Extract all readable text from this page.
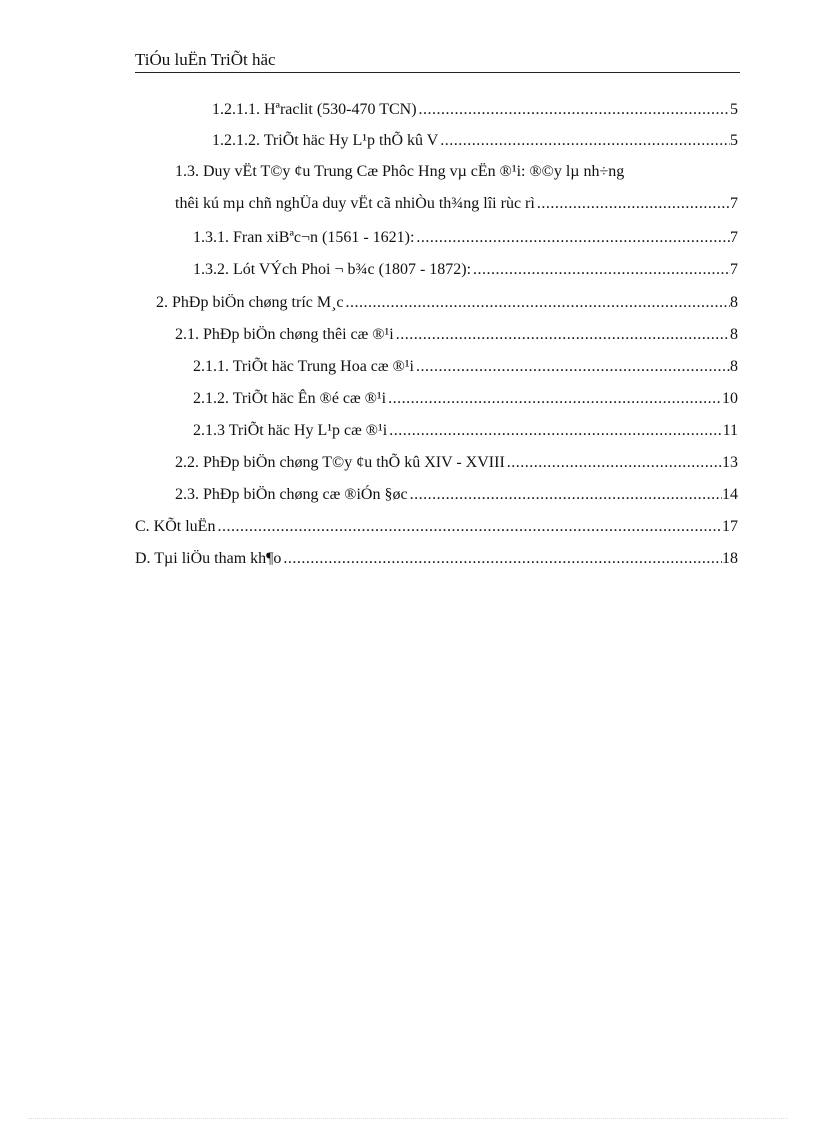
TiÓu luËn TriÕt häc
1.2.1.1. Hªraclit (530-470 TCN) .....	5
1.2.1.2. TriÕt häc Hy L¹p thÕ kû V .....	5
1.3. Duy vËt T©y ¢u Trung Cæ Phôc Hng vµ cËn ®¹i: ®©y lµ nh÷ng
thêi kú mµ chñ nghÜa duy vËt cã nhiÒu th¾ng lîi rùc rì .....	7
1.3.1. Fran xiBªc¬n (1561 - 1621): .....	7
1.3.2. Lót VÝch Phoi ¬ b¾c (1807 - 1872): .....	7
2. PhÐp biÖn chøng tríc M¸c .....	8
2.1. PhÐp biÖn chøng thêi cæ ®¹i .....	8
2.1.1. TriÕt häc Trung Hoa cæ ®¹i .....	8
2.1.2. TriÕt häc Ên ®é cæ ®¹i .....	10
2.1.3 TriÕt häc Hy L¹p cæ ®¹i .....	11
2.2. PhÐp biÖn chøng T©y ¢u thÕ kû XIV - XVIII .....	13
2.3. PhÐp biÖn chøng cæ ®iÓn §øc .....	14
C. KÕt luËn .....	17
D. Tµi liÖu tham kh¶o .....	18
